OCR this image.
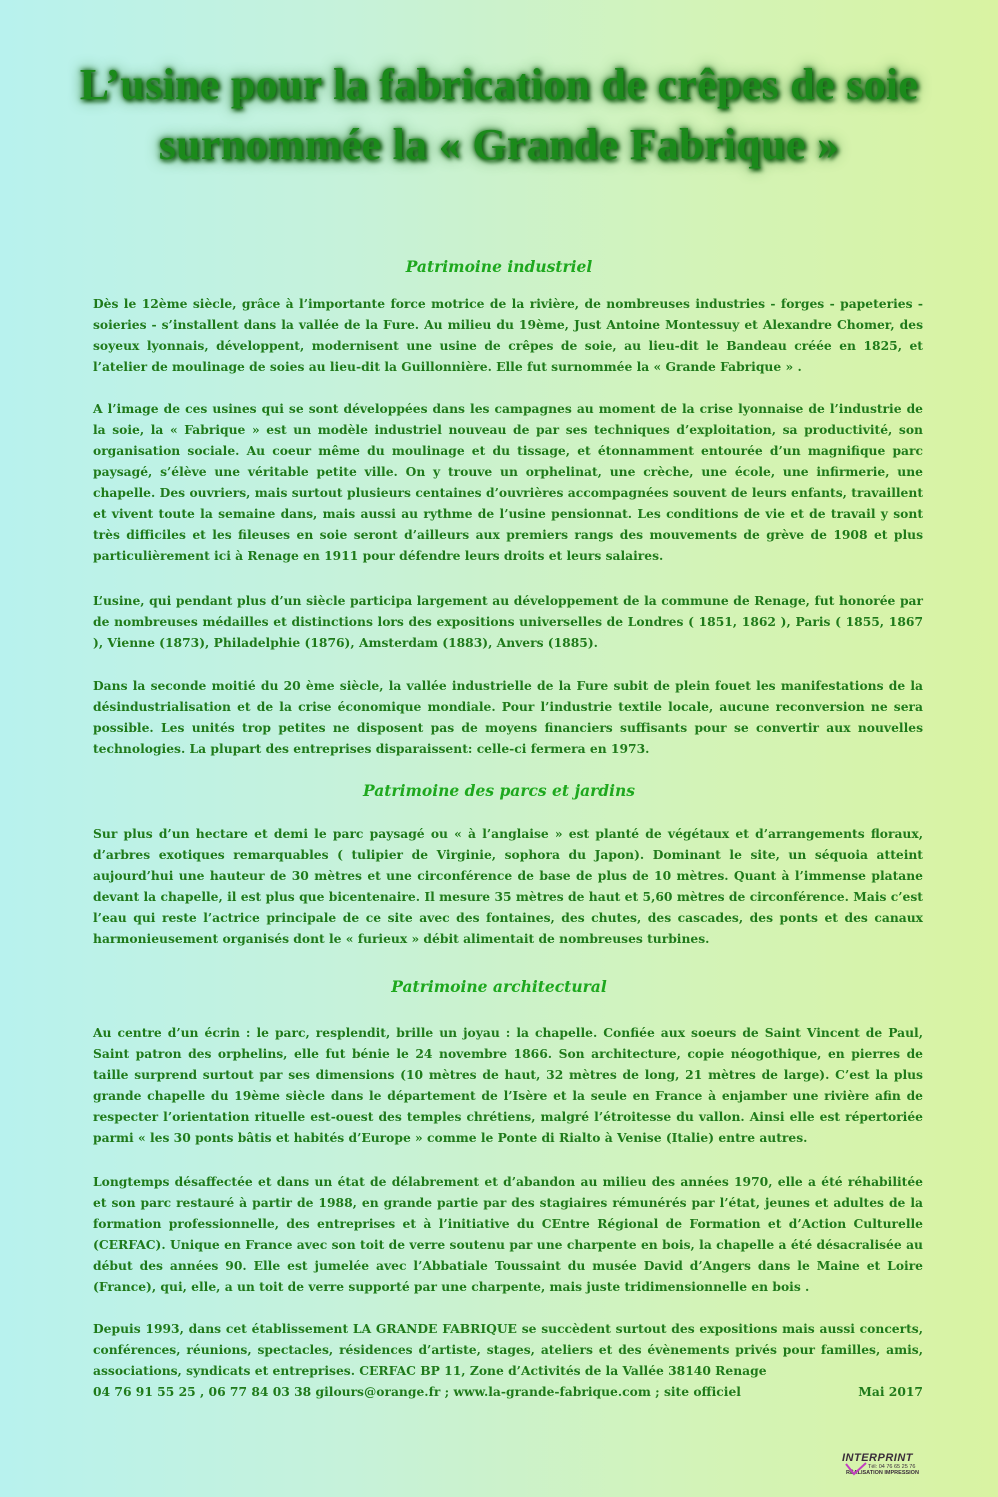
L’usine pour la fabrication de crêpes de soie
surnommée la « Grande Fabrique »
Patrimoine industriel
Dès le 12ème siècle, grâce à l’importante force motrice de la rivière, de nombreuses industries - forges - papeteries - soieries - s’installent dans la vallée de la Fure. Au milieu du 19ème, Just Antoine Montessuy et Alexandre Chomer, des soyeux lyonnais, développent, modernisent une usine de crêpes de soie, au lieu-dit le Bandeau créée en 1825, et l’atelier de moulinage de soies au lieu-dit la Guillonnière. Elle fut surnommée la « Grande Fabrique » .
A l’image de ces usines qui se sont développées dans les campagnes au moment de la crise lyonnaise de l’industrie de la soie, la « Fabrique » est un modèle industriel nouveau de par ses techniques d’exploitation, sa productivité, son organisation sociale. Au coeur même du moulinage et du tissage, et étonnamment entourée d’un magnifique parc paysagé, s’élève une véritable petite ville. On y trouve un orphelinat, une crèche, une école, une infirmerie, une chapelle. Des ouvriers, mais surtout plusieurs centaines d’ouvrières accompagnées souvent de leurs enfants, travaillent et vivent toute la semaine dans, mais aussi au rythme de l’usine pensionnat. Les conditions de vie et de travail y sont très difficiles et les fileuses en soie seront d’ailleurs aux premiers rangs des mouvements de grève de 1908 et plus particulièrement ici à Renage en 1911 pour défendre leurs droits et leurs salaires.
L’usine, qui pendant plus d’un siècle participa largement au développement de la commune de Renage, fut honorée par de nombreuses médailles et distinctions lors des expositions universelles de Londres ( 1851, 1862 ), Paris ( 1855, 1867 ), Vienne (1873), Philadelphie (1876), Amsterdam (1883), Anvers (1885).
Dans la seconde moitié du 20 ème siècle, la vallée industrielle de la Fure subit de plein fouet les manifestations de la désindustrialisation et de la crise économique mondiale. Pour l’industrie textile locale, aucune reconversion ne sera possible. Les unités trop petites ne disposent pas de moyens financiers suffisants pour se convertir aux nouvelles technologies. La plupart des entreprises disparaissent: celle-ci fermera en 1973.
Patrimoine des parcs et jardins
Sur plus d’un hectare et demi le parc paysagé ou « à l’anglaise » est planté de végétaux et d’arrangements floraux, d’arbres exotiques remarquables ( tulipier de Virginie, sophora du Japon). Dominant le site, un séquoia atteint aujourd’hui une hauteur de 30 mètres et une circonférence de base de plus de 10 mètres. Quant à l’immense platane devant la chapelle, il est plus que bicentenaire. Il mesure 35 mètres de haut et 5,60 mètres de circonférence. Mais c’est l’eau qui reste l’actrice principale de ce site avec des fontaines, des chutes, des cascades, des ponts et des canaux harmonieusement organisés dont le « furieux » débit alimentait de nombreuses turbines.
Patrimoine architectural
Au centre d’un écrin : le parc, resplendit, brille un joyau : la chapelle. Confiée aux soeurs de Saint Vincent de Paul, Saint patron des orphelins, elle fut bénie le 24 novembre 1866. Son architecture, copie néogothique, en pierres de taille surprend surtout par ses dimensions (10 mètres de haut, 32 mètres de long, 21 mètres de large). C’est la plus grande chapelle du 19ème siècle dans le département de l’Isère et la seule en France à enjamber une rivière afin de respecter l’orientation rituelle est-ouest des temples chrétiens, malgré l’étroitesse du vallon. Ainsi elle est répertoriée parmi « les 30 ponts bâtis et habités d’Europe » comme le Ponte di Rialto à Venise (Italie) entre autres.
Longtemps désaffectée et dans un état de délabrement et d’abandon au milieu des années 1970, elle a été réhabilitée et son parc restauré à partir de 1988, en grande partie par des stagiaires rémunérés par l’état, jeunes et adultes de la formation professionnelle, des entreprises et à l’initiative du CEntre Régional de Formation et d’Action Culturelle (CERFAC). Unique en France avec son toit de verre soutenu par une charpente en bois, la chapelle a été désacralisée au début des années 90. Elle est jumelée avec l’Abbatiale Toussaint du musée David d’Angers dans le Maine et Loire (France), qui, elle, a un toit de verre supporté par une charpente, mais juste tridimensionnelle en bois .
Depuis 1993, dans cet établissement LA GRANDE FABRIQUE se succèdent surtout des expositions mais aussi concerts, conférences, réunions, spectacles, résidences d’artiste, stages, ateliers et des évènements privés pour familles, amis, associations, syndicats et entreprises. CERFAC BP 11, Zone d’Activités de la Vallée 38140 Renage
04 76 91 55 25 , 06 77 84 03 38 gilours@orange.fr ; www.la-grande-fabrique.com ; site officiel	Mai 2017
INTERPRINT
Tél: 04 76 65 25 76
RÉALISATION IMPRESSION
